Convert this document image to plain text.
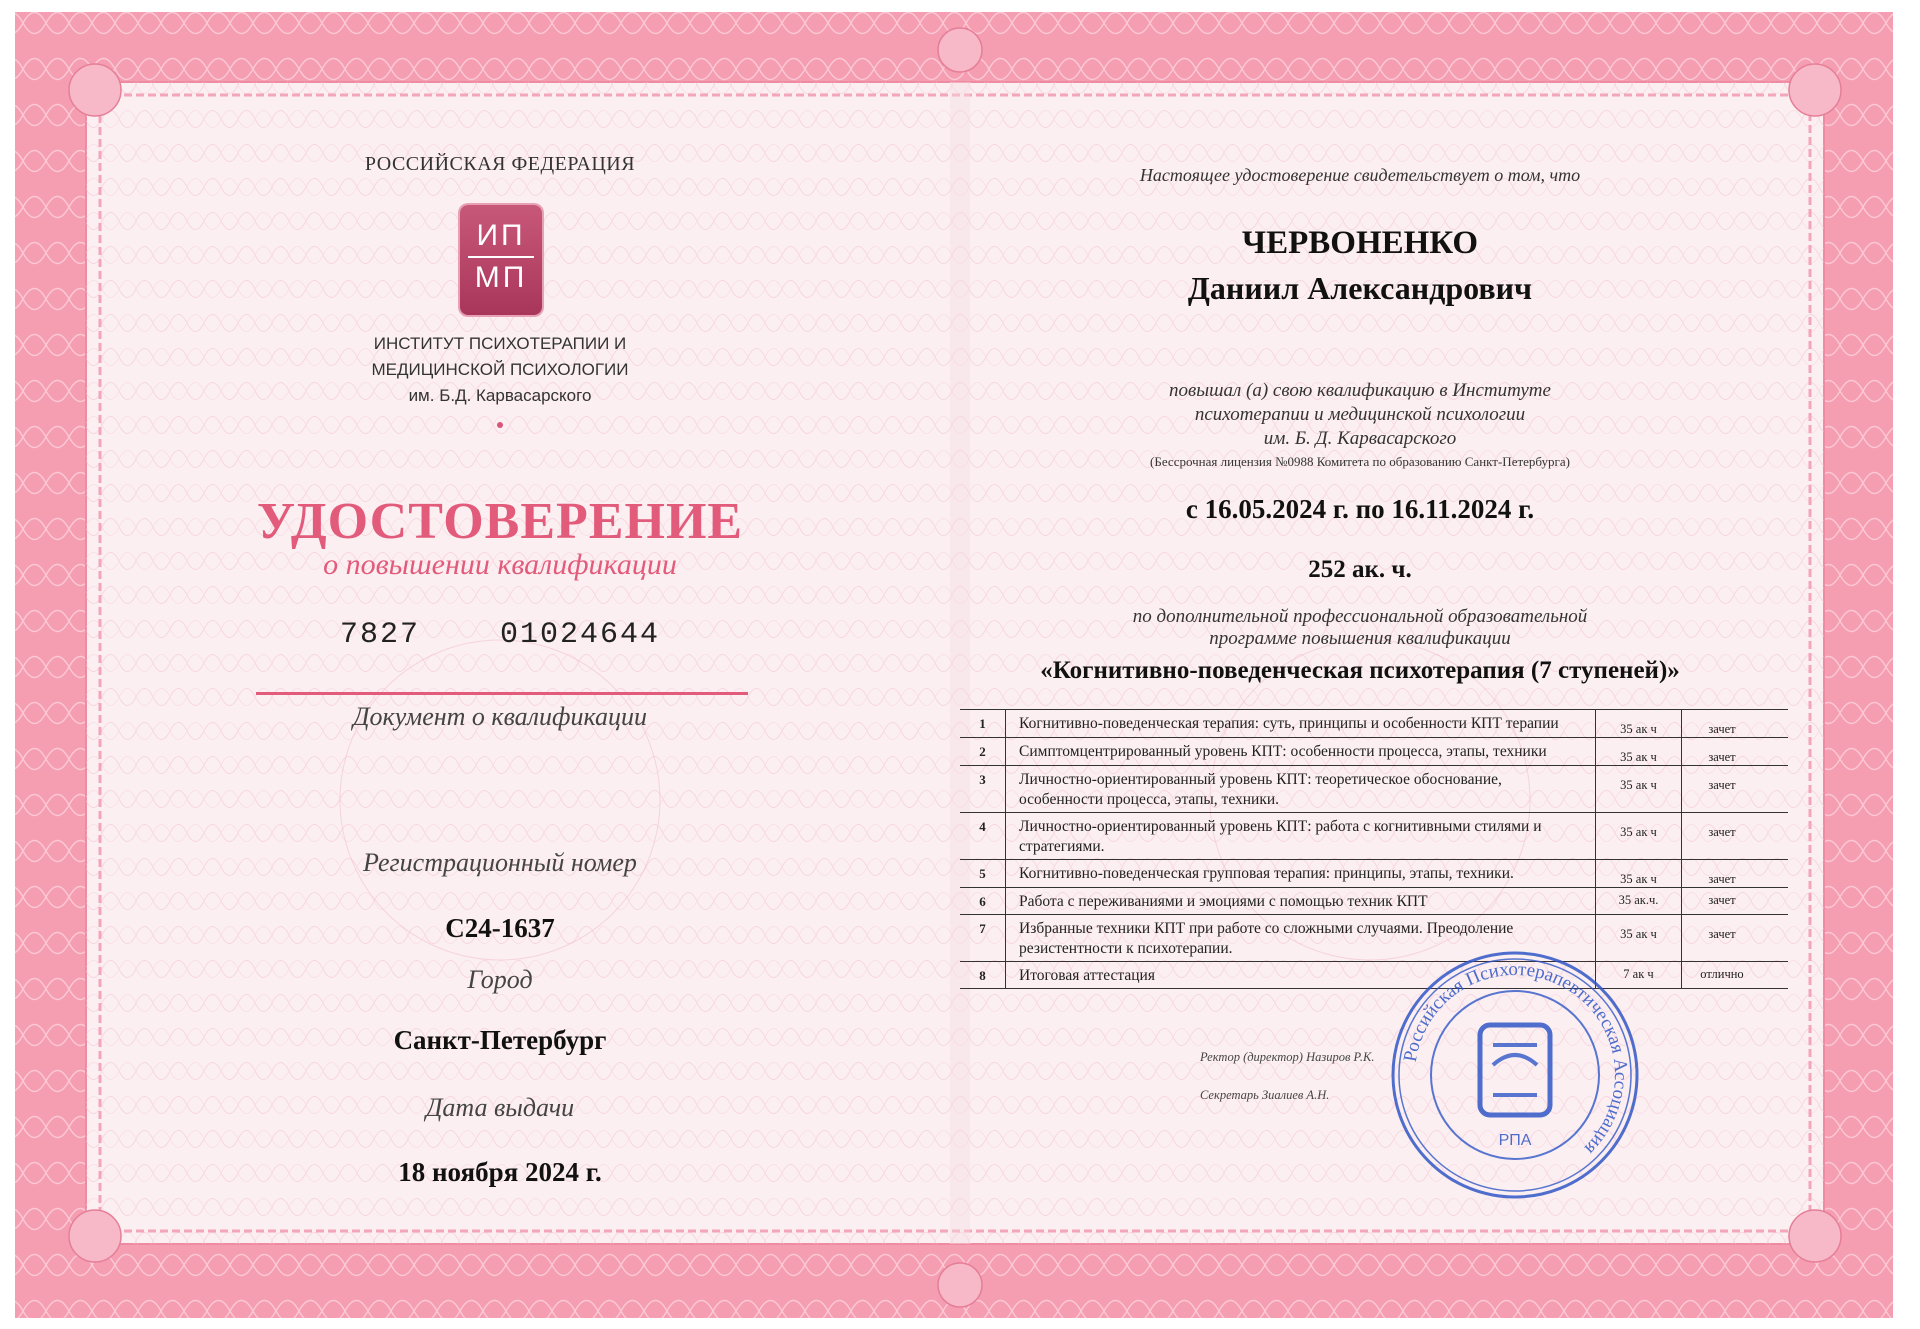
РОССИЙСКАЯ ФЕДЕРАЦИЯ
ИП
МП
ИНСТИТУТ ПСИХОТЕРАПИИ И
МЕДИЦИНСКОЙ ПСИХОЛОГИИ
им. Б.Д. Карвасарского
УДОСТОВЕРЕНИЕ
о повышении квалификации
7827  01024644
Документ о квалификации
Регистрационный номер
С24-1637
Город
Санкт-Петербург
Дата выдачи
18 ноября 2024 г.
Настоящее удостоверение свидетельствует о том, что
ЧЕРВОНЕНКО
Даниил Александрович
повышал (а) свою квалификацию в Институте
психотерапии и медицинской психологии
им. Б. Д. Карвасарского
(Бессрочная лицензия №0988 Комитета по образованию Санкт-Петербурга)
с 16.05.2024 г. по 16.11.2024 г.
252 ак. ч.
по дополнительной профессиональной образовательной
программе повышения квалификации
«Когнитивно-поведенческая психотерапия (7 ступеней)»
1	Когнитивно-поведенческая терапия: суть, принципы и особенности КПТ терапии	35 ак ч	зачет
2	Симптомцентрированный уровень КПТ: особенности процесса, этапы, техники	35 ак ч	зачет
3	Личностно-ориентированный уровень КПТ: теоретическое обоснование, особенности процесса, этапы, техники.
35 ак ч	зачет
4	Личностно-ориентированный уровень КПТ: работа с когнитивными стилями и стратегиями.
35 ак ч	зачет
5	Когнитивно-поведенческая групповая терапия: принципы, этапы, техники.	35 ак ч	зачет
6	Работа с переживаниями и эмоциями с помощью техник КПТ	35 ак.ч.	зачет
7	Избранные техники КПТ при работе со сложными случаями. Преодоление резистентности к психотерапии.
35 ак ч	зачет
8	Итоговая аттестация	7 ак ч	отлично
Ректор (директор) Назиров Р.К.
Секретарь Зиалиев А.Н.
Российская Психотерапевтическая Ассоциация
РПА
